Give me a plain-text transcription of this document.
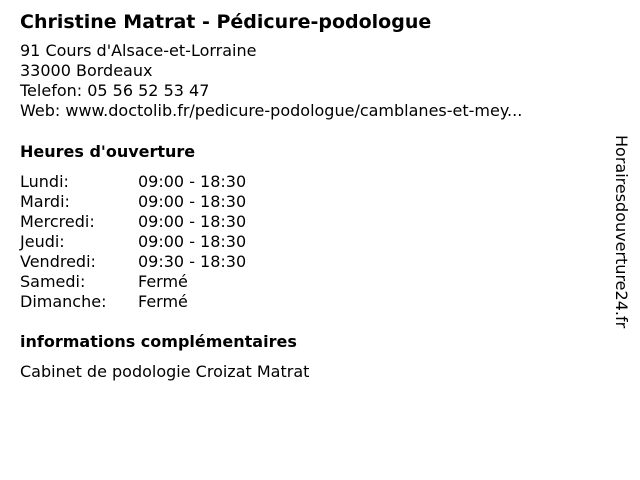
Christine Matrat - Pédicure-podologue
91 Cours d'Alsace-et-Lorraine
33000 Bordeaux
Telefon: 05 56 52 53 47
Web: www.doctolib.fr/pedicure-podologue/camblanes-et-mey...
Heures d'ouverture
Lundi:	09:00 - 18:30
Mardi:	09:00 - 18:30
Mercredi:	09:00 - 18:30
Jeudi:	09:00 - 18:30
Vendredi:	09:30 - 18:30
Samedi:	Fermé
Dimanche:	Fermé
informations complémentaires
Cabinet de podologie Croizat Matrat
Horairesdouverture24.fr
